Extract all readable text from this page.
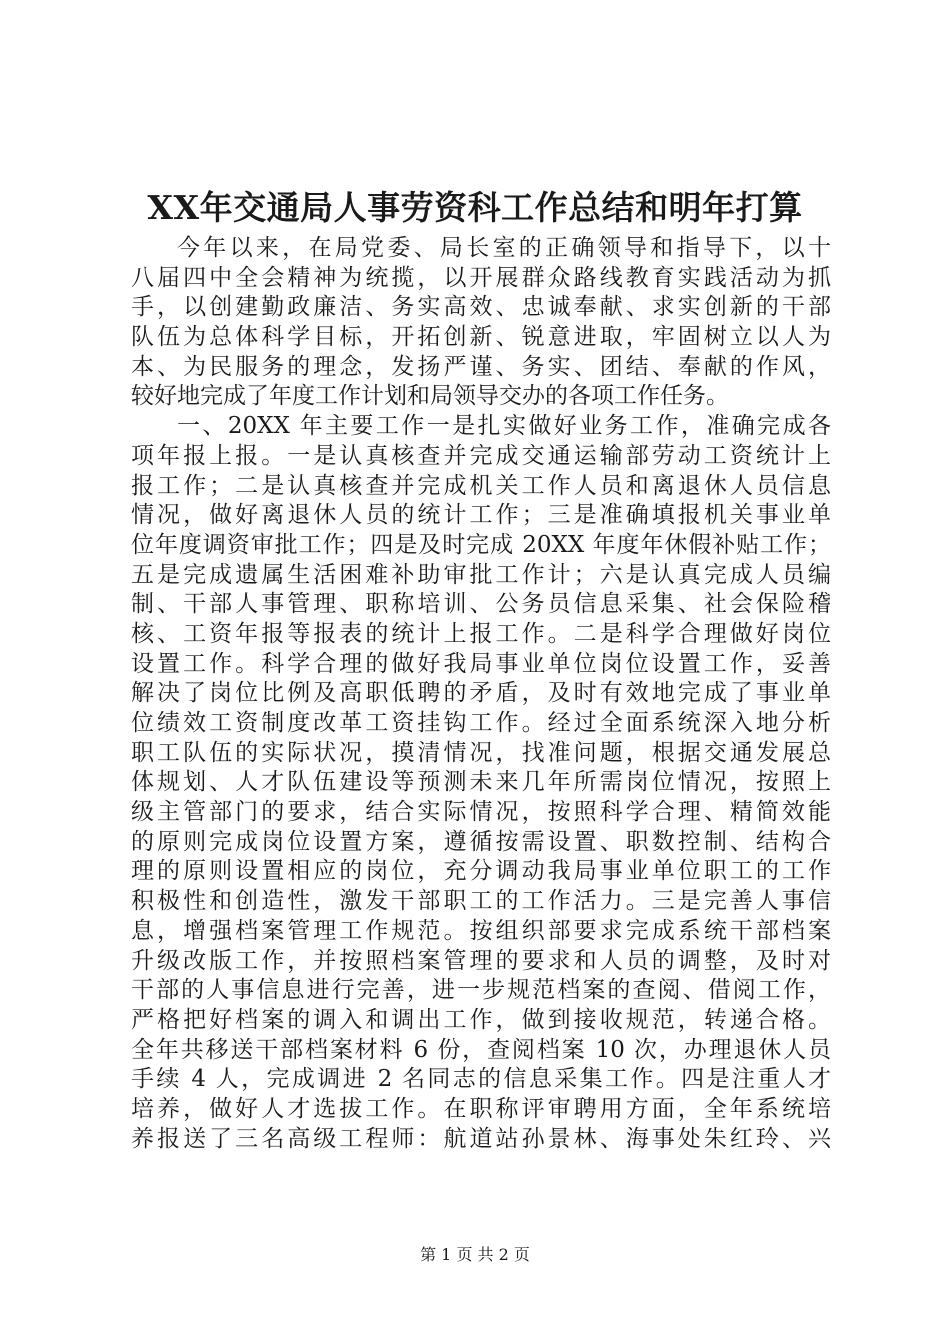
XX年交通局人事劳资科工作总结和明年打算
今年以来，在局党委、局长室的正确领导和指导下，以十
八届四中全会精神为统揽，以开展群众路线教育实践活动为抓
手，以创建勤政廉洁、务实高效、忠诚奉献、求实创新的干部
队伍为总体科学目标，开拓创新、锐意进取，牢固树立以人为
本、为民服务的理念，发扬严谨、务实、团结、奉献的作风，
较好地完成了年度工作计划和局领导交办的各项工作任务。
一、20XX 年主要工作一是扎实做好业务工作，准确完成各
项年报上报。一是认真核查并完成交通运输部劳动工资统计上
报工作；二是认真核查并完成机关工作人员和离退休人员信息
情况，做好离退休人员的统计工作；三是准确填报机关事业单
位年度调资审批工作；四是及时完成 20XX 年度年休假补贴工作；
五是完成遗属生活困难补助审批工作计；六是认真完成人员编
制、干部人事管理、职称培训、公务员信息采集、社会保险稽
核、工资年报等报表的统计上报工作。二是科学合理做好岗位
设置工作。科学合理的做好我局事业单位岗位设置工作，妥善
解决了岗位比例及高职低聘的矛盾，及时有效地完成了事业单
位绩效工资制度改革工资挂钩工作。经过全面系统深入地分析
职工队伍的实际状况，摸清情况，找准问题，根据交通发展总
体规划、人才队伍建设等预测未来几年所需岗位情况，按照上
级主管部门的要求，结合实际情况，按照科学合理、精简效能
的原则完成岗位设置方案，遵循按需设置、职数控制、结构合
理的原则设置相应的岗位，充分调动我局事业单位职工的工作
积极性和创造性，激发干部职工的工作活力。三是完善人事信
息，增强档案管理工作规范。按组织部要求完成系统干部档案
升级改版工作，并按照档案管理的要求和人员的调整，及时对
干部的人事信息进行完善，进一步规范档案的查阅、借阅工作，
严格把好档案的调入和调出工作，做到接收规范，转递合格。
全年共移送干部档案材料 6 份，查阅档案 10 次，办理退休人员
手续 4 人，完成调进 2 名同志的信息采集工作。四是注重人才
培养，做好人才选拔工作。在职称评审聘用方面，全年系统培
养报送了三名高级工程师：航道站孙景林、海事处朱红玲、兴
第 1 页 共 2 页
